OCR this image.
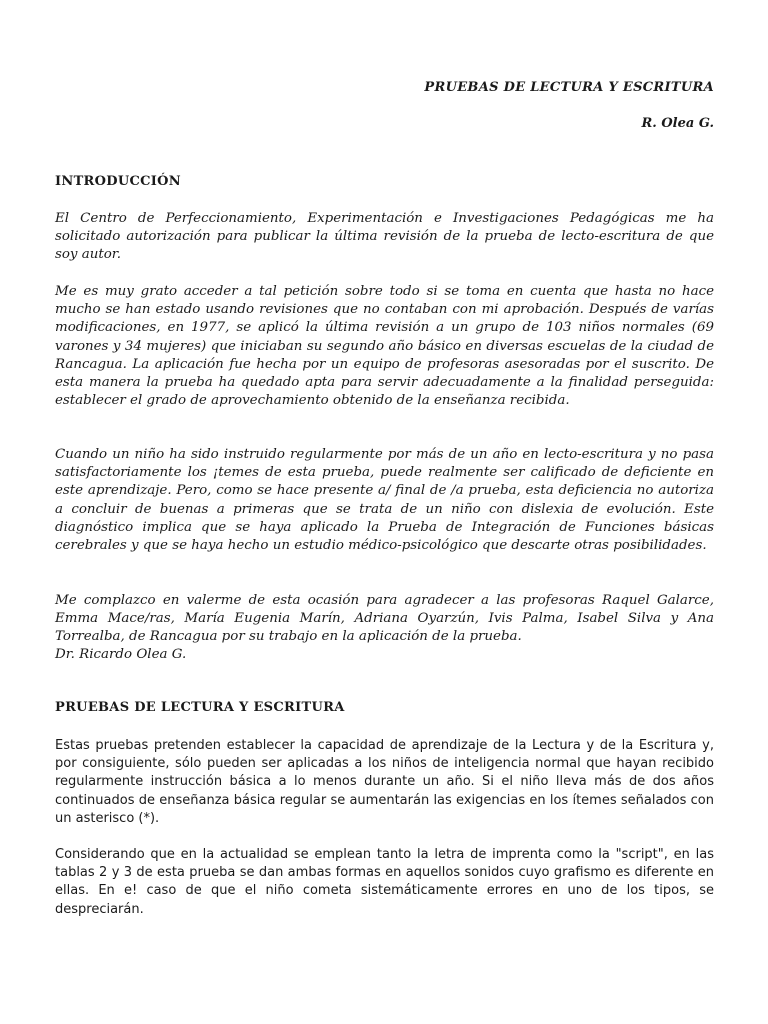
PRUEBAS DE LECTURA Y ESCRITURA
R. Olea G.
INTRODUCCIÓN

El Centro de Perfeccionamiento, Experimentación e Investigaciones Pedagógicas me ha solicitado autorización para publicar la última revisión de la prueba de lecto-escritura de que soy autor.

Me es muy grato acceder a tal petición sobre todo si se toma en cuenta que hasta no hace mucho se han estado usando revisiones que no contaban con mi aprobación. Después de varías modificaciones, en 1977, se aplicó la última revisión a un grupo de 103 niños normales (69 varones y 34 mujeres) que iniciaban su segundo año básico en diversas escuelas de la ciudad de Rancagua. La aplicación fue hecha por un equipo de profesoras asesoradas por el suscrito. De esta manera la prueba ha quedado apta para servir adecuadamente a la finalidad perseguida: establecer el grado de aprovechamiento obtenido de la enseñanza recibida.

Cuando un niño ha sido instruido regularmente por más de un año en lecto-escritura y no pasa satisfactoriamente los ¡temes de esta prueba, puede realmente ser calificado de deficiente en este aprendizaje. Pero, como se hace presente a/ final de /a prueba, esta deficiencia no autoriza a concluir de buenas a primeras que se trata de un niño con dislexia de evolución. Este diagnóstico implica que se haya aplicado la Prueba de Integración de Funciones básicas cerebrales y que se haya hecho un estudio médico-psicológico que descarte otras posibilidades.

Me complazco en valerme de esta ocasión para agradecer a las profesoras Raquel Galarce, Emma Mace/ras, María Eugenia Marín, Adriana Oyarzún, Ivis Palma, Isabel Silva y Ana Torrealba, de Rancagua por su trabajo en la aplicación de la prueba.

Dr. Ricardo Olea G.
PRUEBAS DE LECTURA Y ESCRITURA

Estas pruebas pretenden establecer la capacidad de aprendizaje de la Lectura y de la Escritura y, por consiguiente, sólo pueden ser aplicadas a los niños de inteligencia normal que hayan recibido regularmente instrucción básica a lo menos durante un año. Si el niño lleva más de dos años continuados de enseñanza básica regular se aumentarán las exigencias en los ítemes señalados con un asterisco (*).

Considerando que en la actualidad se emplean tanto la letra de imprenta como la "script", en las tablas 2 y 3 de esta prueba se dan ambas formas en aquellos sonidos cuyo grafismo es diferente en ellas. En e! caso de que el niño cometa sistemáticamente errores en uno de los tipos, se despreciarán.
